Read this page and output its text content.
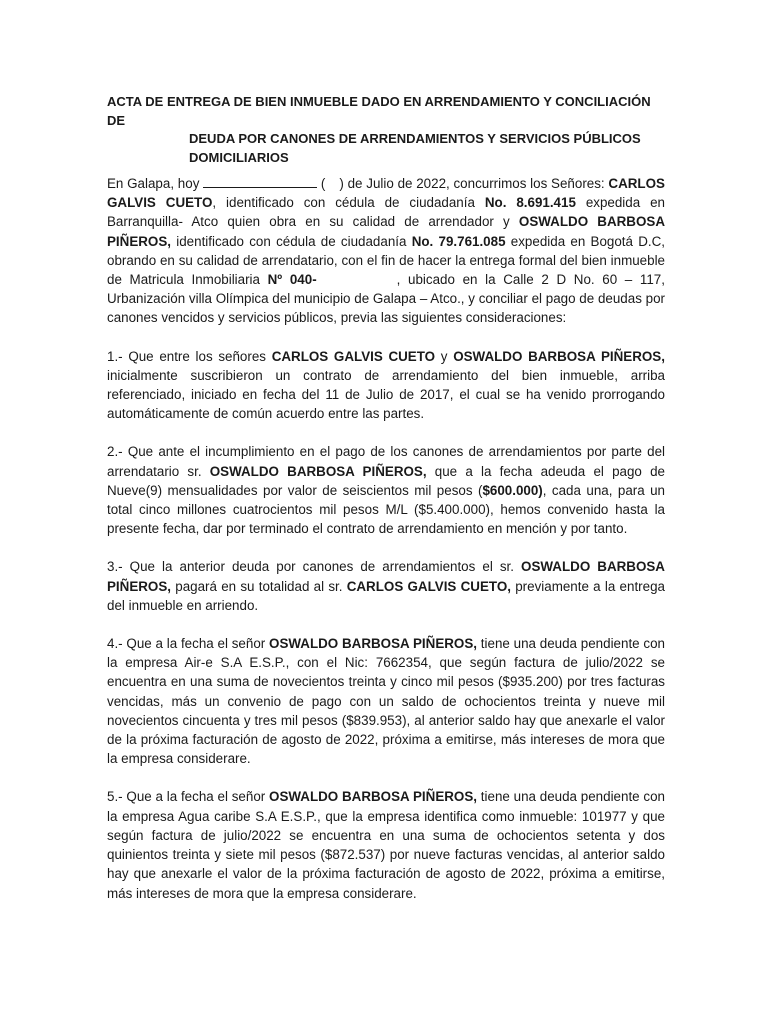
ACTA DE ENTREGA DE BIEN INMUEBLE DADO EN ARRENDAMIENTO Y CONCILIACIÓN DE
DEUDA POR CANONES DE ARRENDAMIENTOS Y SERVICIOS PÚBLICOS
DOMICILIARIOS

En Galapa, hoy	( ) de Julio de 2022, concurrimos los Señores: CARLOS GALVIS CUETO, identificado con cédula de ciudadanía No. 8.691.415 expedida en Barranquilla- Atco quien obra en su calidad de arrendador y OSWALDO BARBOSA PIÑEROS, identificado con cédula de ciudadanía No. 79.761.085 expedida en Bogotá D.C, obrando en su calidad de arrendatario, con el fin de hacer la entrega formal del bien inmueble de Matricula Inmobiliaria Nº 040-	, ubicado en la Calle 2 D No. 60 – 117, Urbanización villa Olímpica del municipio de Galapa – Atco., y conciliar el pago de deudas por canones vencidos y servicios públicos, previa las siguientes consideraciones:

1.- Que entre los señores CARLOS GALVIS CUETO y OSWALDO BARBOSA PIÑEROS, inicialmente suscribieron un contrato de arrendamiento del bien inmueble, arriba referenciado, iniciado en fecha del 11 de Julio de 2017, el cual se ha venido prorrogando automáticamente de común acuerdo entre las partes.

2.- Que ante el incumplimiento en el pago de los canones de arrendamientos por parte del arrendatario sr. OSWALDO BARBOSA PIÑEROS, que a la fecha adeuda el pago de Nueve(9) mensualidades por valor de seiscientos mil pesos ($600.000), cada una, para un total cinco millones cuatrocientos mil pesos M/L ($5.400.000), hemos convenido hasta la presente fecha, dar por terminado el contrato de arrendamiento en mención y por tanto.

3.- Que la anterior deuda por canones de arrendamientos el sr. OSWALDO BARBOSA PIÑEROS, pagará en su totalidad al sr. CARLOS GALVIS CUETO, previamente a la entrega del inmueble en arriendo.

4.- Que a la fecha el señor OSWALDO BARBOSA PIÑEROS, tiene una deuda pendiente con la empresa Air-e S.A E.S.P., con el Nic: 7662354, que según factura de julio/2022 se encuentra en una suma de novecientos treinta y cinco mil pesos ($935.200) por tres facturas vencidas, más un convenio de pago con un saldo de ochocientos treinta y nueve mil novecientos cincuenta y tres mil pesos ($839.953), al anterior saldo hay que anexarle el valor de la próxima facturación de agosto de 2022, próxima a emitirse, más intereses de mora que la empresa considerare.

5.- Que a la fecha el señor OSWALDO BARBOSA PIÑEROS, tiene una deuda pendiente con la empresa Agua caribe S.A E.S.P., que la empresa identifica como inmueble: 101977 y que según factura de julio/2022 se encuentra en una suma de ochocientos setenta y dos quinientos treinta y siete mil pesos ($872.537) por nueve facturas vencidas, al anterior saldo hay que anexarle el valor de la próxima facturación de agosto de 2022, próxima a emitirse, más intereses de mora que la empresa considerare.
